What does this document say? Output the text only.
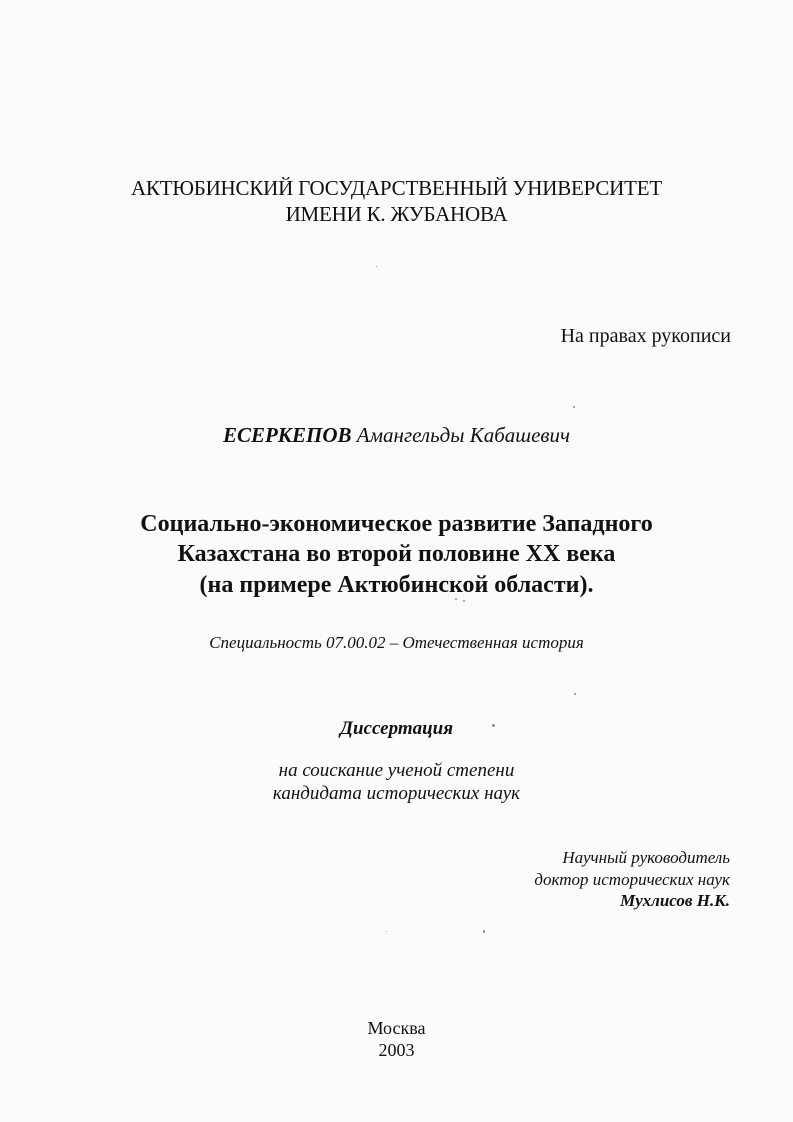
АКТЮБИНСКИЙ ГОСУДАРСТВЕННЫЙ УНИВЕРСИТЕТ
ИМЕНИ К. ЖУБАНОВА
На правах рукописи
ЕСЕРКЕПОВ Амангельды Кабашевич
Социально-экономическое развитие Западного
Казахстана во второй половине XX века
(на примере Актюбинской области).
Специальность 07.00.02 – Отечественная история
Диссертация
на соискание ученой степени
кандидата исторических наук
Научный руководитель
доктор исторических наук
Мухлисов Н.К.
Москва
2003
